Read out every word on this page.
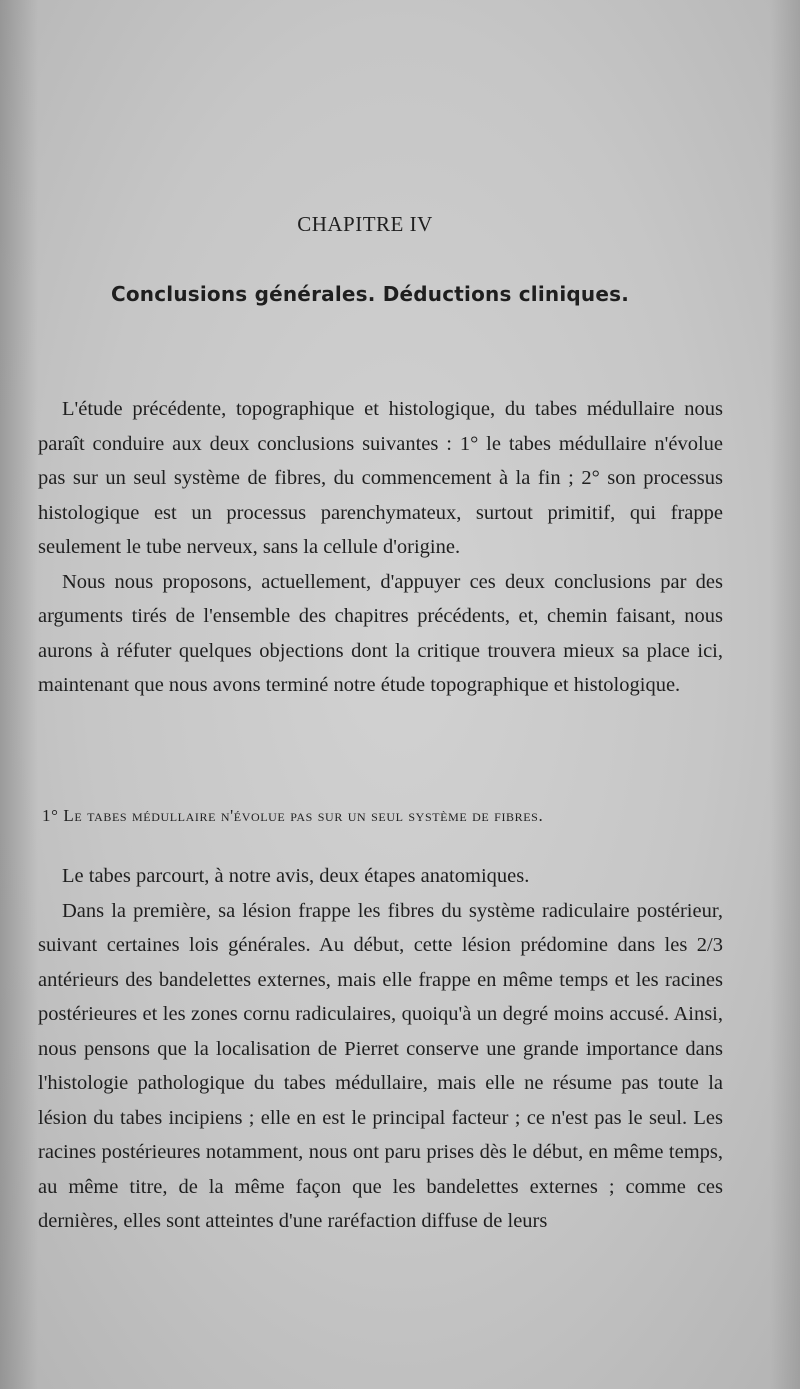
CHAPITRE IV
Conclusions générales. Déductions cliniques.

L'étude précédente, topographique et histologique, du tabes médullaire nous paraît conduire aux deux conclusions suivantes : 1° le tabes médullaire n'évolue pas sur un seul système de fibres, du commencement à la fin ; 2° son processus histologique est un processus parenchymateux, surtout primitif, qui frappe seulement le tube nerveux, sans la cellule d'origine.

Nous nous proposons, actuellement, d'appuyer ces deux conclusions par des arguments tirés de l'ensemble des chapitres précédents, et, chemin faisant, nous aurons à réfuter quelques objections dont la critique trouvera mieux sa place ici, maintenant que nous avons terminé notre étude topographique et histologique.

1° Le tabes médullaire n'évolue pas sur un seul système de fibres.

Le tabes parcourt, à notre avis, deux étapes anatomiques.

Dans la première, sa lésion frappe les fibres du système radiculaire postérieur, suivant certaines lois générales. Au début, cette lésion prédomine dans les 2/3 antérieurs des bandelettes externes, mais elle frappe en même temps et les racines postérieures et les zones cornu radiculaires, quoiqu'à un degré moins accusé. Ainsi, nous pensons que la localisation de Pierret conserve une grande importance dans l'histologie pathologique du tabes médullaire, mais elle ne résume pas toute la lésion du tabes incipiens ; elle en est le principal facteur ; ce n'est pas le seul. Les racines postérieures notamment, nous ont paru prises dès le début, en même temps, au même titre, de la même façon que les bandelettes externes ; comme ces dernières, elles sont atteintes d'une raréfaction diffuse de leurs
